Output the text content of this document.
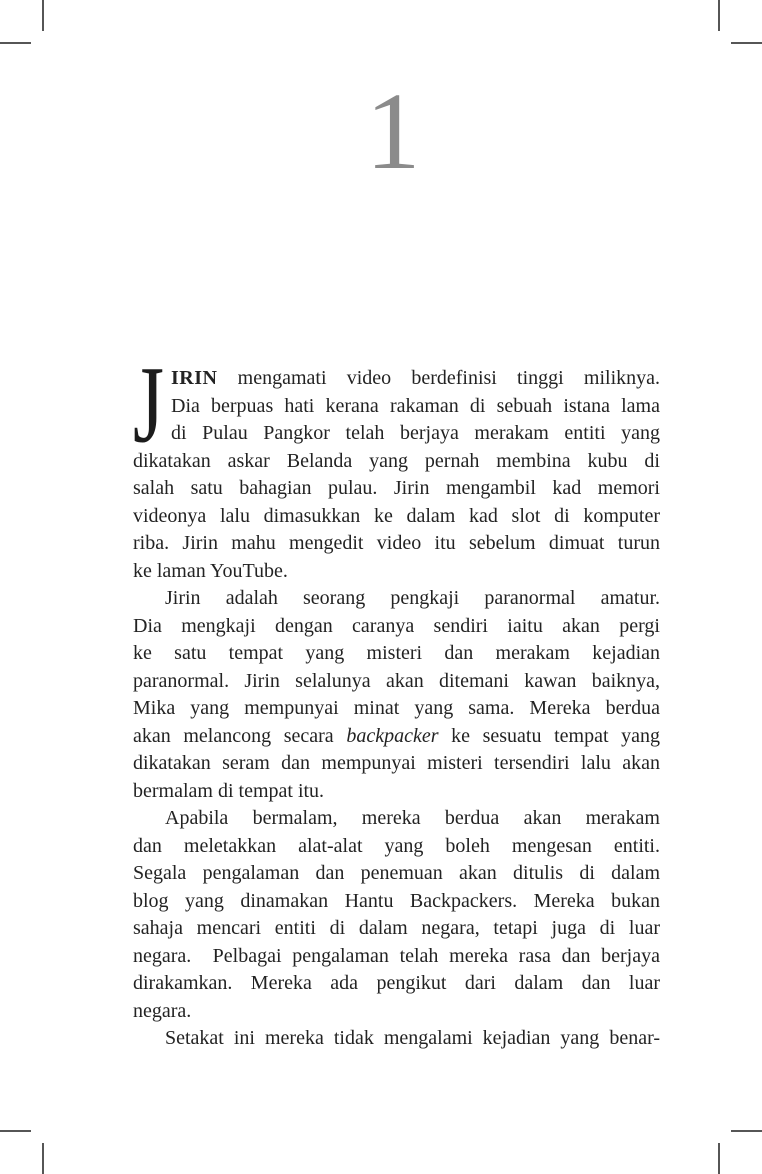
1
J IRIN mengamati video berdefinisi tinggi miliknya.
Dia berpuas hati kerana rakaman di sebuah istana lama
di Pulau Pangkor telah berjaya merakam entiti yang
dikatakan askar Belanda yang pernah membina kubu di
salah satu bahagian pulau. Jirin mengambil kad memori
videonya lalu dimasukkan ke dalam kad slot di komputer
riba. Jirin mahu mengedit video itu sebelum dimuat turun
ke laman YouTube.
Jirin adalah seorang pengkaji paranormal amatur.
Dia mengkaji dengan caranya sendiri iaitu akan pergi
ke satu tempat yang misteri dan merakam kejadian
paranormal. Jirin selalunya akan ditemani kawan baiknya,
Mika yang mempunyai minat yang sama. Mereka berdua
akan melancong secara backpacker ke sesuatu tempat yang
dikatakan seram dan mempunyai misteri tersendiri lalu akan
bermalam di tempat itu.
Apabila bermalam, mereka berdua akan merakam
dan meletakkan alat-alat yang boleh mengesan entiti.
Segala pengalaman dan penemuan akan ditulis di dalam
blog yang dinamakan Hantu Backpackers. Mereka bukan
sahaja mencari entiti di dalam negara, tetapi juga di luar
negara.  Pelbagai pengalaman telah mereka rasa dan berjaya
dirakamkan. Mereka ada pengikut dari dalam dan luar
negara.
Setakat ini mereka tidak mengalami kejadian yang benar-
